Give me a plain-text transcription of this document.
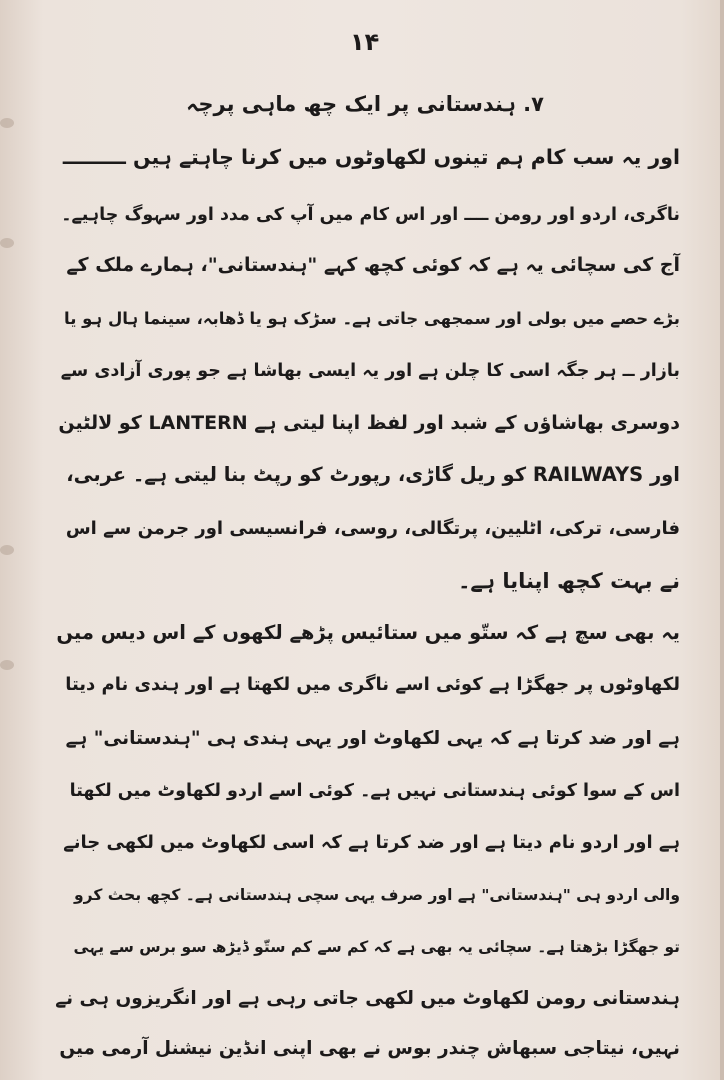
۱۴
۷. ہندستانی پر ایک چھ ماہی پرچہ
اور یہ سب کام ہم تینوں لکھاوٹوں میں کرنا چاہتے ہیں ـــــــــ
ناگری، اردو اور رومن ــــ اور اس کام میں آپ کی مدد اور سہوگ چاہیے۔
آج کی سچائی یہ ہے کہ کوئی کچھ کہے "ہندستانی"، ہمارے ملک کے
بڑے حصے میں بولی اور سمجھی جاتی ہے۔ سڑک ہو یا ڈھابہ، سینما ہال ہو یا
بازار ــ ہر جگہ اسی کا چلن ہے اور یہ ایسی بھاشا ہے جو پوری آزادی سے
دوسری بھاشاؤں کے شبد اور لفظ اپنا لیتی ہے LANTERN کو لالٹین
اور RAILWAYS کو ریل گاڑی، رپورٹ کو رپٹ بنا لیتی ہے۔ عربی،
فارسی، ترکی، اٹلیین، پرتگالی، روسی، فرانسیسی اور جرمن سے اس
نے بہت کچھ اپنایا ہے۔
یہ بھی سچ ہے کہ ستّو میں ستائیس پڑھے لکھوں کے اس دیس میں
لکھاوٹوں پر جھگڑا ہے کوئی اسے ناگری میں لکھتا ہے اور ہندی نام دیتا
ہے اور ضد کرتا ہے کہ یہی لکھاوٹ اور یہی ہندی ہی "ہندستانی" ہے
اس کے سوا کوئی ہندستانی نہیں ہے۔ کوئی اسے اردو لکھاوٹ میں لکھتا
ہے اور اردو نام دیتا ہے اور ضد کرتا ہے کہ اسی لکھاوٹ میں لکھی جانے
والی اردو ہی "ہندستانی" ہے اور صرف یہی سچی ہندستانی ہے۔ کچھ بحث کرو
تو جھگڑا بڑھتا ہے۔ سچائی یہ بھی ہے کہ کم سے کم ستّو ڈیڑھ سو برس سے یہی
ہندستانی رومن لکھاوٹ میں لکھی جاتی رہی ہے اور انگریزوں ہی نے
نہیں، نیتاجی سبھاش چندر بوس نے بھی اپنی انڈین نیشنل آرمی میں
